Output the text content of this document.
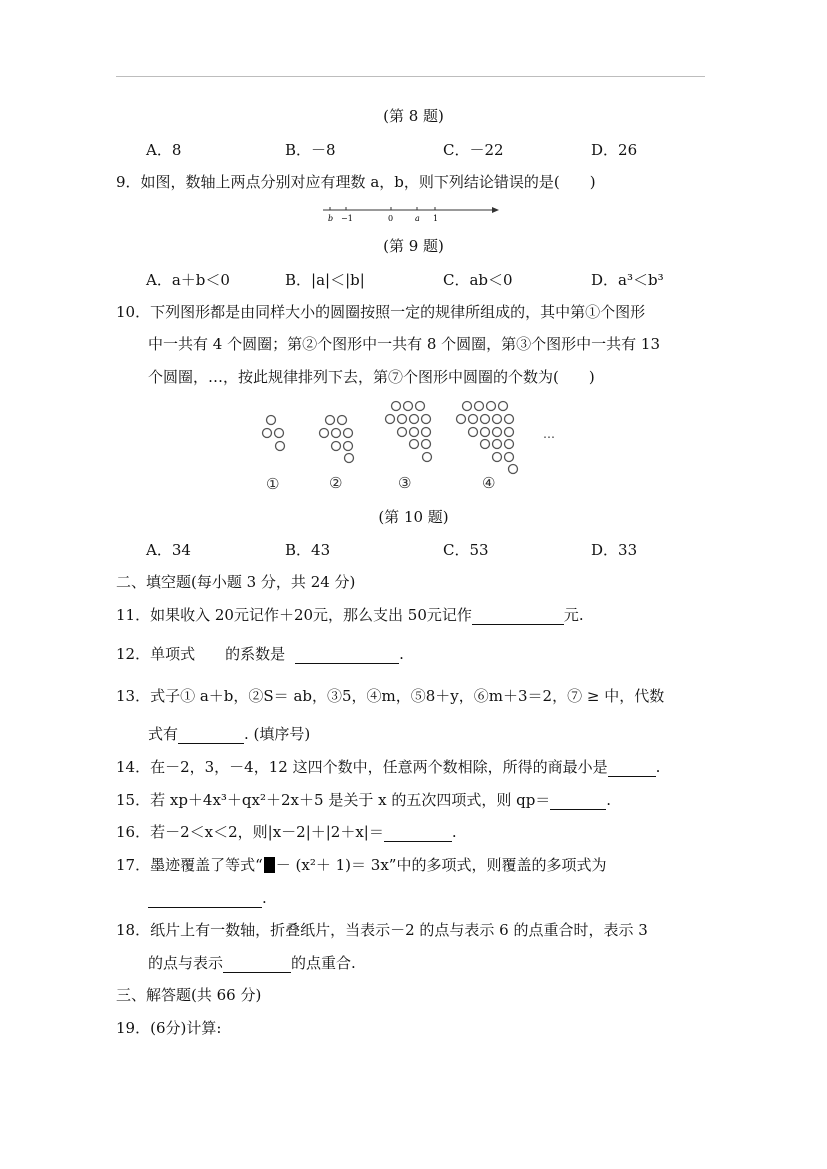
(第 8 题)
A．8	B．－8	C．－22	D．26
9．如图，数轴上两点分别对应有理数 a，b，则下列结论错误的是(　　)
b −1	0	a 1
(第 9 题)
A．a＋b＜0	B．|a|＜|b|	C．ab＜0	D．a³＜b³
10．下列图形都是由同样大小的圆圈按照一定的规律所组成的，其中第①个图形
中一共有 4 个圆圈；第②个图形中一共有 8 个圆圈，第③个图形中一共有 13
个圆圈，…，按此规律排列下去，第⑦个图形中圆圈的个数为(　　)
…
①	②	③	④
(第 10 题)
A．34	B．43	C．53	D．33
二、填空题(每小题 3 分，共 24 分)
11．如果收入 20元记作＋20元，那么支出 50元记作	元.
12．单项式 的系数是	.
13．式子① a＋b，②S＝ ab，③5，④m，⑤8＋y，⑥m＋3＝2，⑦ ≥ 中，代数
式有	. (填序号)
14．在－2，3，－4，12 这四个数中，任意两个数相除，所得的商最小是	.
15．若 xp＋4x³＋qx²＋2x＋5 是关于 x 的五次四项式，则 qp＝	.
16．若－2＜x＜2，则|x－2|＋|2＋x|＝	.
17．墨迹覆盖了等式“ － (x²＋ 1)＝ 3x”中的多项式，则覆盖的多项式为
.
18．纸片上有一数轴，折叠纸片，当表示－2 的点与表示 6 的点重合时，表示 3
的点与表示	的点重合.
三、解答题(共 66 分)
19．(6分)计算:
